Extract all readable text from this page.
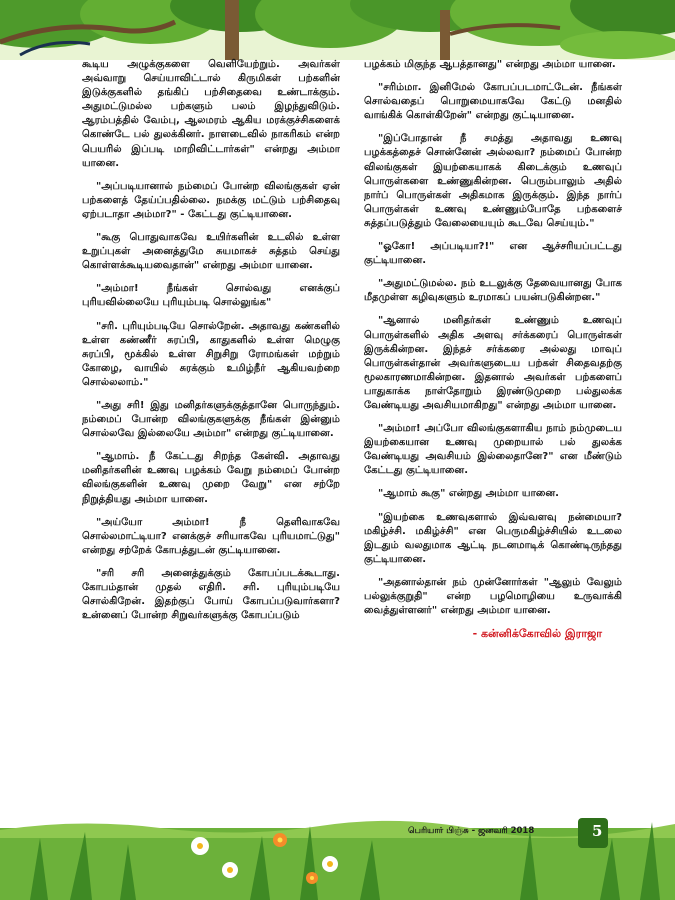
கூடிய அழுக்குகளை வெளியேற்றும். அவர்கள் அவ்வாறு செய்யாவிட்டால் கிருமிகள் பற்களின் இடுக்குகளில் தங்கிப் பற்சிதைவை உண்டாக்கும். அதுமட்டுமல்ல பற்களும் பலம் இழந்துவிடும். ஆரம்பத்தில் வேம்பு, ஆலமரம் ஆகிய மரக்குச்சிகளைக் கொண்டே பல் துலக்கினர். நாளடைவில் நாகரிகம் என்ற பெயரில் இப்படி மாறிவிட்டார்கள்" என்றது அம்மா யானை.

"அப்படியானால் நம்மைப் போன்ற விலங்குகள் ஏன் பற்களைத் தேய்ப்பதில்லை. நமக்கு மட்டும் பற்சிதைவு ஏற்படாதா அம்மா?" - கேட்டது குட்டியானை.

"கூகு பொதுவாகவே உயிர்களின் உடலில் உள்ள உறுப்புகள் அனைத்துமே சுயமாகச் சுத்தம் செய்து கொள்ளக்கூடியவைதான்" என்றது அம்மா யானை.

"அம்மா! நீங்கள் சொல்வது எனக்குப் புரியவில்லையே புரியும்படி சொல்லுங்க"

"சரி. புரியும்படியே சொல்றேன். அதாவது கண்களில் உள்ள கண்ணீர் சுரப்பி, காதுகளில் உள்ள மெழுகு சுரப்பி, மூக்கில் உள்ள சிறுசிறு ரோமங்கள் மற்றும் கோழை, வாயில் சுரக்கும் உமிழ்நீர் ஆகியவற்றை சொல்லலாம்."

"அது சரி! இது மனிதர்களுக்குத்தானே பொருந்தும். நம்மைப் போன்ற விலங்குகளுக்கு நீங்கள் இன்னும் சொல்லவே இல்லையே அம்மா" என்றது குட்டியானை.

"ஆமாம். நீ கேட்டது சிறந்த கேள்வி. அதாவது மனிதர்களின் உணவு பழக்கம் வேறு நம்மைப் போன்ற விலங்குகளின் உணவு முறை வேறு" என சற்றே நிறுத்தியது அம்மா யானை.

"அய்யோ அம்மா! நீ தெளிவாகவே சொல்லமாட்டியா? எனக்குச் சரியாகவே புரியமாட்டுது" என்றது சற்றேக் கோபத்துடன் குட்டியானை.

"சரி சரி அனைத்துக்கும் கோபப்படக்கூடாது. கோபம்தான் முதல் எதிரி. சரி. புரியும்படியே சொல்கிறேன். இதற்குப் போய் கோபப்படுவார்களா? உன்னைப் போன்ற சிறுவர்களுக்கு கோபப்படும்

பழக்கம் மிகுந்த ஆபத்தானது" என்றது அம்மா யானை.

"சரிம்மா. இனிமேல் கோபப்படமாட்டேன். நீங்கள் சொல்வதைப் பொறுமையாகவே கேட்டு மனதில் வாங்கிக் கொள்கிறேன்" என்றது குட்டியானை.

"இப்போதான் நீ சமத்து அதாவது உணவு பழக்கத்தைச் சொன்னேன் அல்லவா? நம்மைப் போன்ற விலங்குகள் இயற்கையாகக் கிடைக்கும் உணவுப் பொருள்களை உண்ணுகின்றன. பெரும்பாலும் அதில் நார்ப் பொருள்கள் அதிகமாக இருக்கும். இந்த நார்ப் பொருள்கள் உணவு உண்ணும்போதே பற்களைச் சுத்தப்படுத்தும் வேலையையும் கூடவே செய்யும்."

"ஓகோ! அப்படியா?!" என ஆச்சரியப்பட்டது குட்டியானை.

"அதுமட்டுமல்ல. நம் உடலுக்கு தேவையானது போக மீதமுள்ள கழிவுகளும் உரமாகப் பயன்படுகின்றன."

"ஆனால் மனிதர்கள் உண்ணும் உணவுப் பொருள்களில் அதிக அளவு சர்க்கரைப் பொருள்கள் இருக்கின்றன. இந்தச் சர்க்கரை அல்லது மாவுப் பொருள்கள்தான் அவர்களுடைய பற்கள் சிதைவதற்கு மூலகாரணமாகின்றன. இதனால் அவர்கள் பற்களைப் பாதுகாக்க நாள்தோறும் இரண்டுமுறை பல்துலக்க வேண்டியது அவசியமாகிறது" என்றது அம்மா யானை.

"அம்மா! அப்போ விலங்குகளாகிய நாம் நம்முடைய இயற்கையான உணவு முறையால் பல் துலக்க வேண்டியது அவசியம் இல்லைதானே?" என மீண்டும் கேட்டது குட்டியானை.

"ஆமாம் கூகு" என்றது அம்மா யானை.

"இயற்கை உணவுகளால் இவ்வளவு நன்மையா? மகிழ்ச்சி. மகிழ்ச்சி" என பெருமகிழ்ச்சியில் உடலை இடதும் வலதுமாக ஆட்டி நடனமாடிக் கொண்டிருந்தது குட்டியானை.

"அதனால்தான் நம் முன்னோர்கள் "ஆலும் வேலும் பல்லுக்குறுதி" என்ற பழமொழியை உருவாக்கி வைத்துள்ளனர்" என்றது அம்மா யானை.

- கன்னிக்கோவில் இராஜா
பெரியார் பிஞ்சு - ஜனவரி 2018	5
